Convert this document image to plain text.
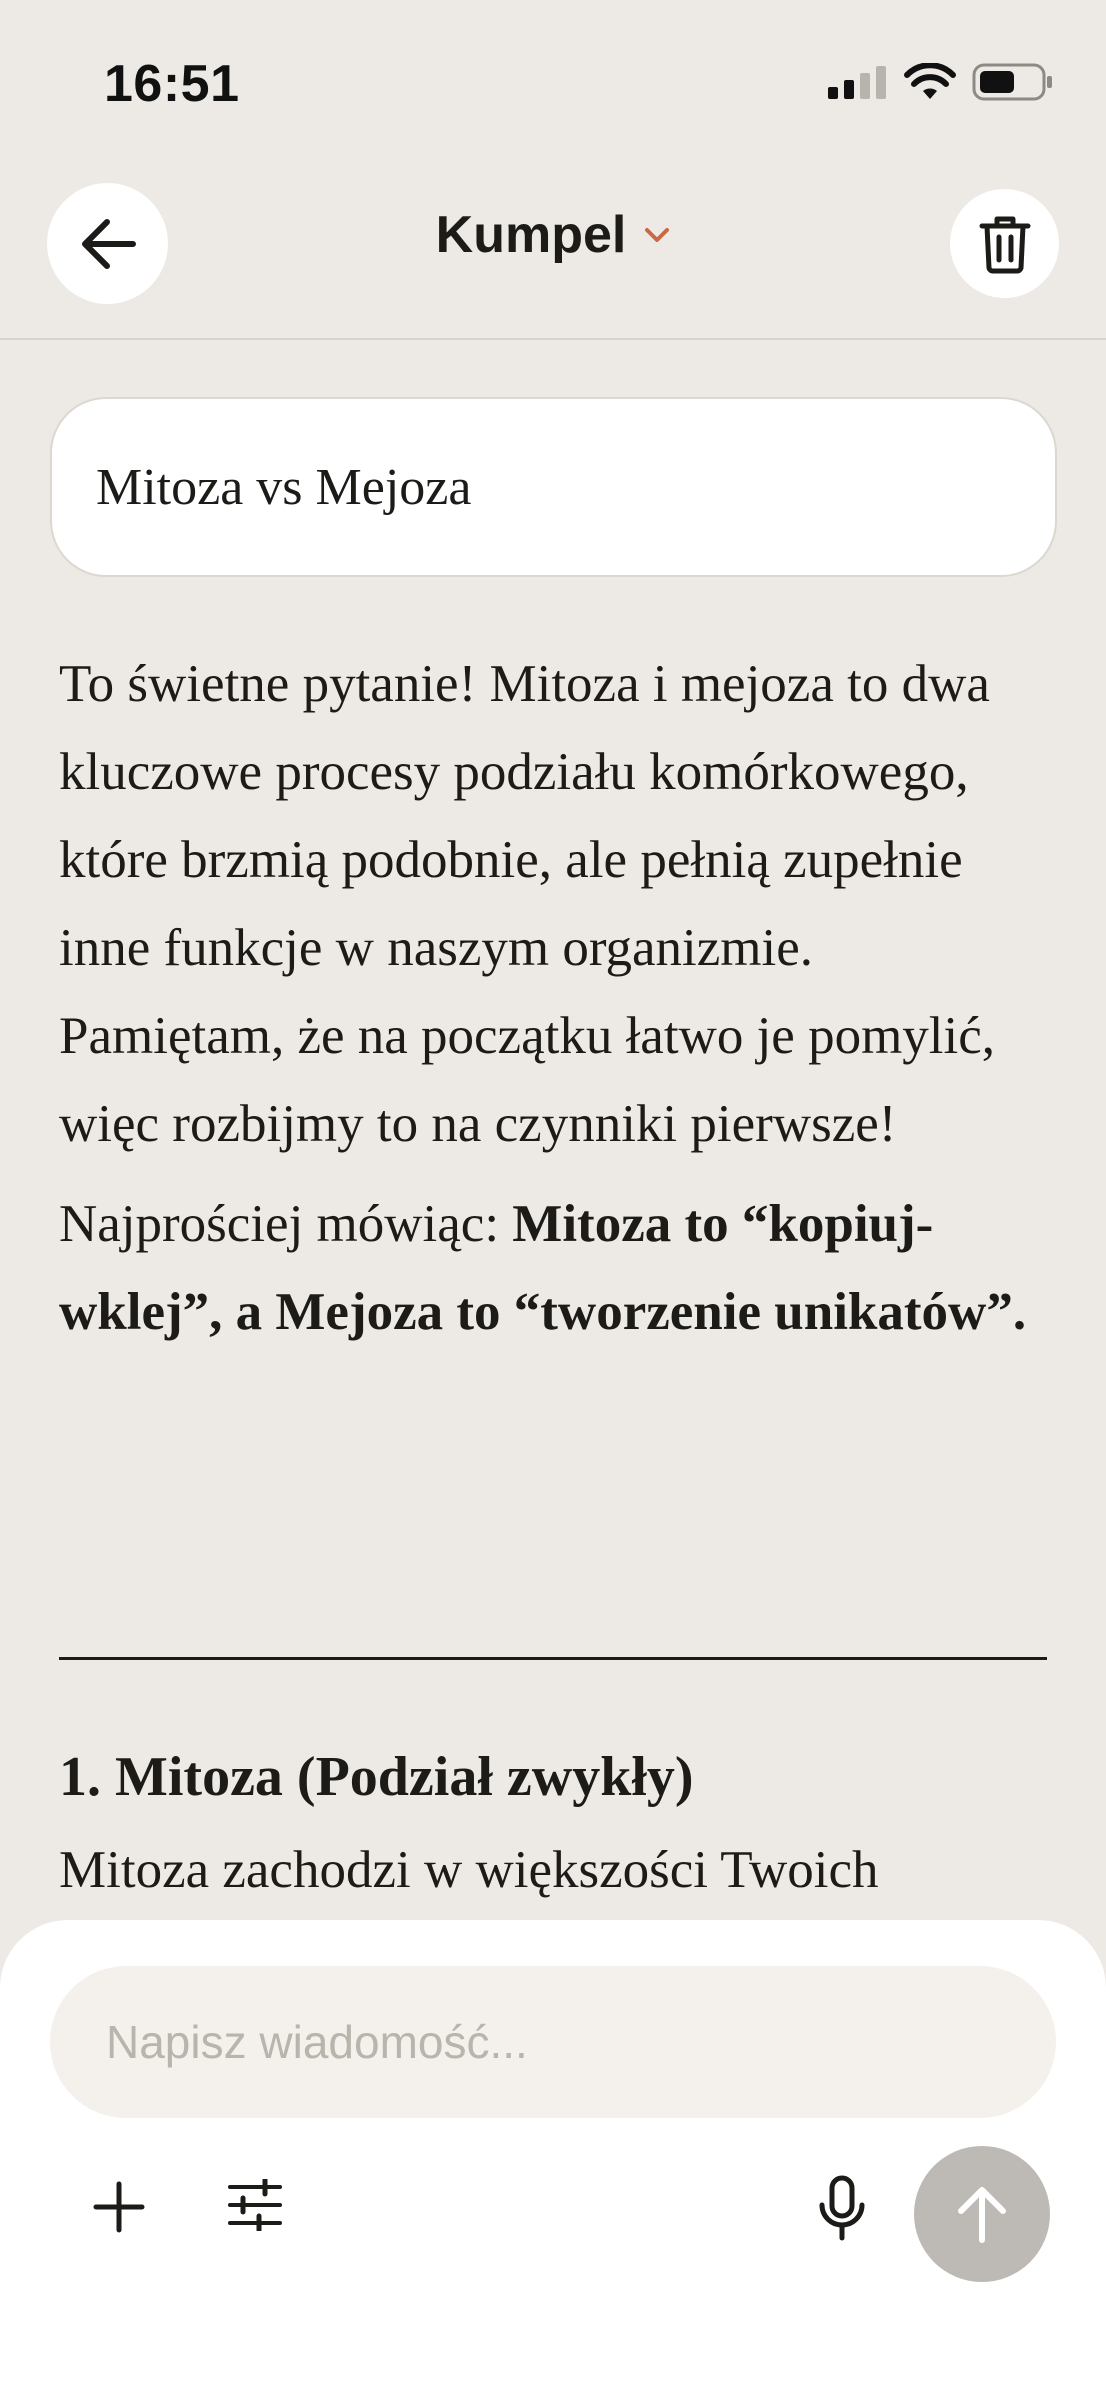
16:51
Kumpel
Mitoza vs Mejoza

To świetne pytanie! Mitoza i mejoza to dwa kluczowe procesy podziału komórkowego, które brzmią podobnie, ale pełnią zupełnie inne funkcje w naszym organizmie. Pamiętam, że na początku łatwo je pomylić, więc rozbijmy to na czynniki pierwsze!

Najprościej mówiąc: Mitoza to “kopiuj-wklej”, a Mejoza to “tworzenie unikatów”.

1. Mitoza (Podział zwykły)

Mitoza zachodzi w większości Twoich

Napisz wiadomość...
